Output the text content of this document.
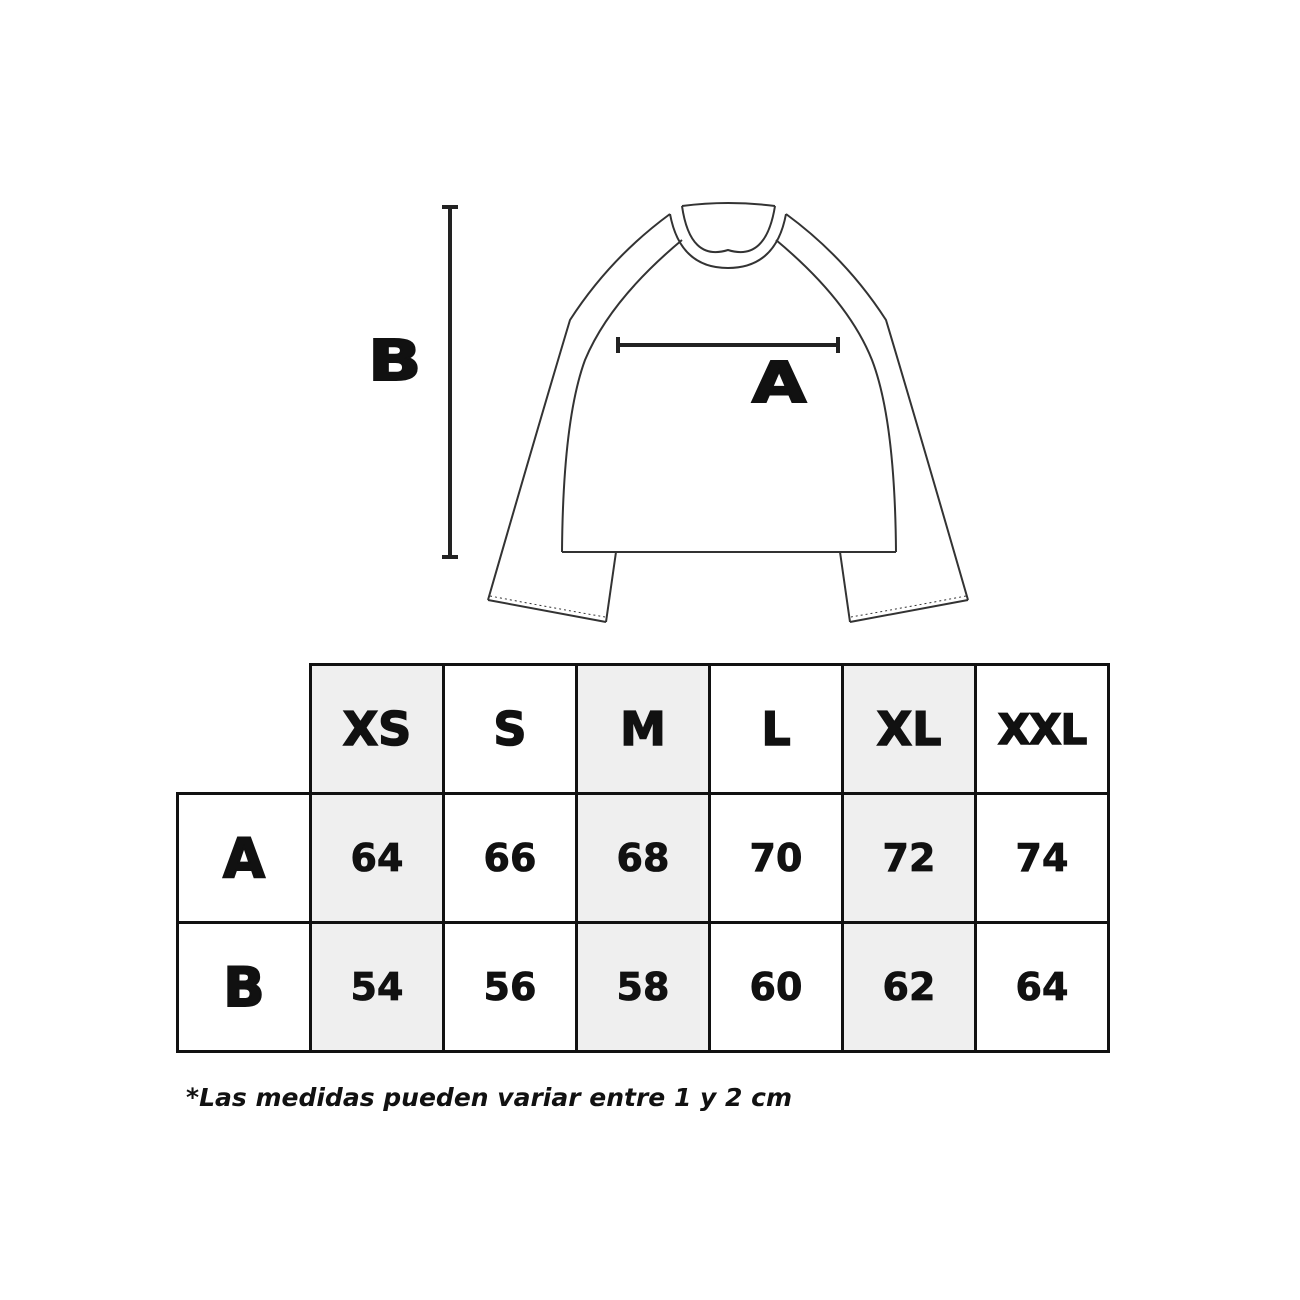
B	A
	XS	S	M	L	XL	XXL
A	64	66	68	70	72	74
B	54	56	58	60	62	64
*Las medidas pueden variar entre 1 y 2 cm
